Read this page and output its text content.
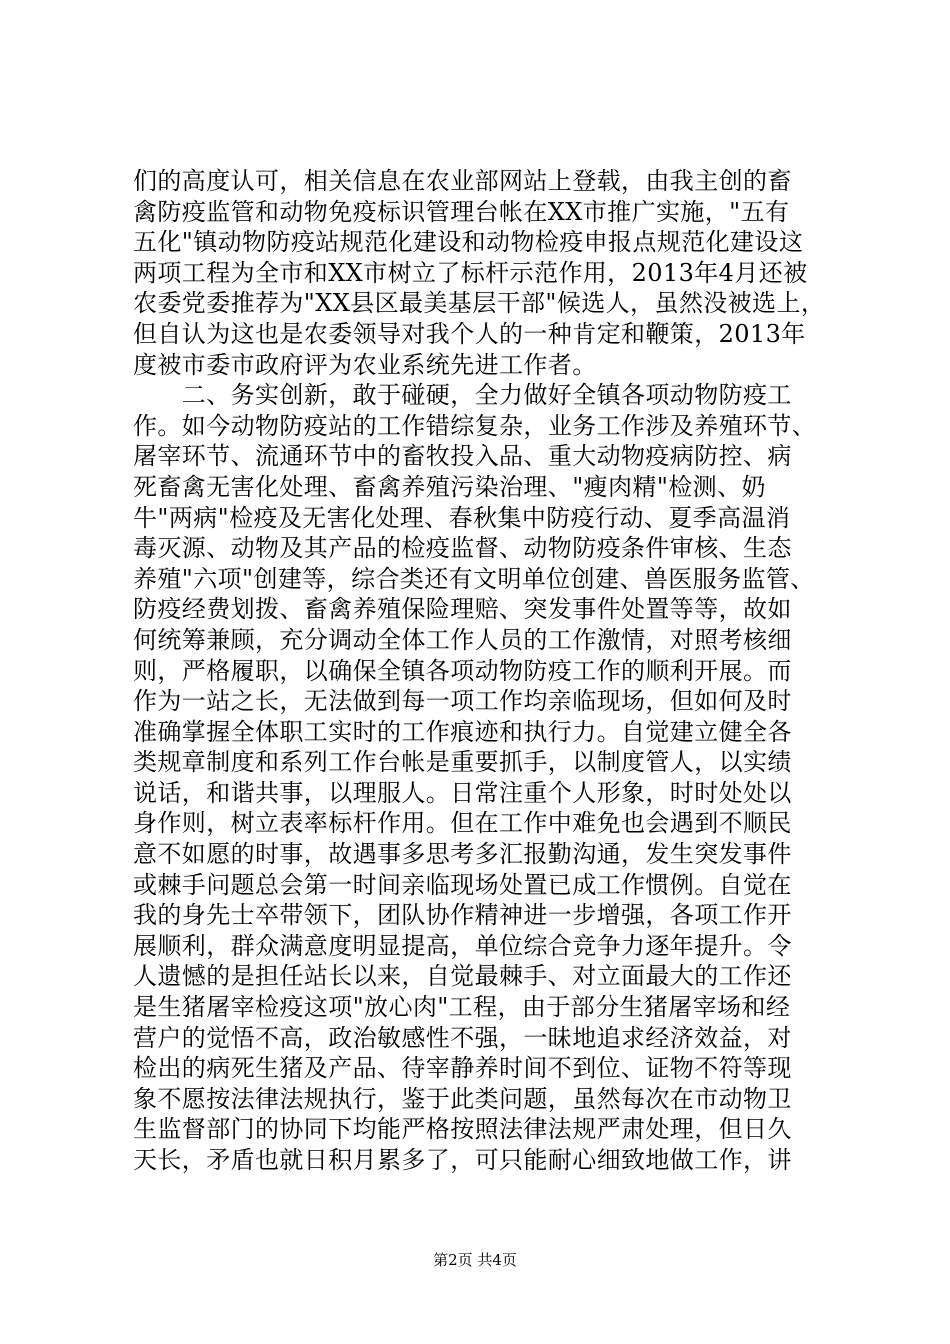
们的高度认可，相关信息在农业部网站上登载，由我主创的畜
禽防疫监管和动物免疫标识管理台帐在XX市推广实施，"五有
五化"镇动物防疫站规范化建设和动物检疫申报点规范化建设这
两项工程为全市和XX市树立了标杆示范作用，2013年4月还被
农委党委推荐为"XX县区最美基层干部"候选人，虽然没被选上，
但自认为这也是农委领导对我个人的一种肯定和鞭策，2013年
度被市委市政府评为农业系统先进工作者。
　　二、务实创新，敢于碰硬，全力做好全镇各项动物防疫工
作。如今动物防疫站的工作错综复杂，业务工作涉及养殖环节、
屠宰环节、流通环节中的畜牧投入品、重大动物疫病防控、病
死畜禽无害化处理、畜禽养殖污染治理、"瘦肉精"检测、奶
牛"两病"检疫及无害化处理、春秋集中防疫行动、夏季高温消
毒灭源、动物及其产品的检疫监督、动物防疫条件审核、生态
养殖"六项"创建等，综合类还有文明单位创建、兽医服务监管、
防疫经费划拨、畜禽养殖保险理赔、突发事件处置等等，故如
何统筹兼顾，充分调动全体工作人员的工作激情，对照考核细
则，严格履职，以确保全镇各项动物防疫工作的顺利开展。而
作为一站之长，无法做到每一项工作均亲临现场，但如何及时
准确掌握全体职工实时的工作痕迹和执行力。自觉建立健全各
类规章制度和系列工作台帐是重要抓手，以制度管人，以实绩
说话，和谐共事，以理服人。日常注重个人形象，时时处处以
身作则，树立表率标杆作用。但在工作中难免也会遇到不顺民
意不如愿的时事，故遇事多思考多汇报勤沟通，发生突发事件
或棘手问题总会第一时间亲临现场处置已成工作惯例。自觉在
我的身先士卒带领下，团队协作精神进一步增强，各项工作开
展顺利，群众满意度明显提高，单位综合竞争力逐年提升。令
人遗憾的是担任站长以来，自觉最棘手、对立面最大的工作还
是生猪屠宰检疫这项"放心肉"工程，由于部分生猪屠宰场和经
营户的觉悟不高，政治敏感性不强，一昧地追求经济效益，对
检出的病死生猪及产品、待宰静养时间不到位、证物不符等现
象不愿按法律法规执行，鉴于此类问题，虽然每次在市动物卫
生监督部门的协同下均能严格按照法律法规严肃处理，但日久
天长，矛盾也就日积月累多了，可只能耐心细致地做工作，讲
第2页 共4页
